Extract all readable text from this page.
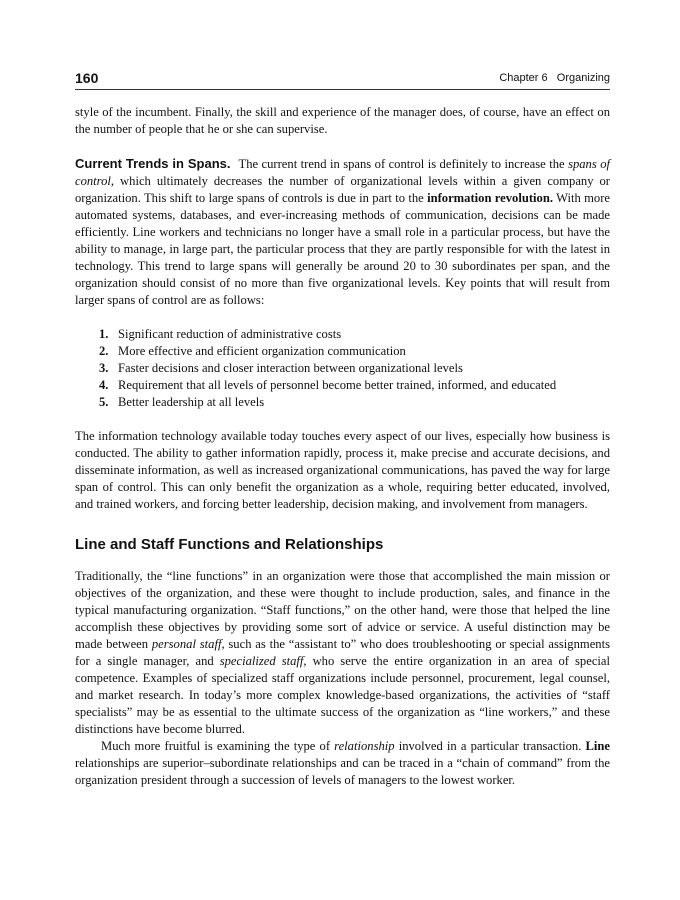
160	Chapter 6   Organizing

style of the incumbent. Finally, the skill and experience of the manager does, of course, have an effect on the number of people that he or she can supervise.

Current Trends in Spans. The current trend in spans of control is definitely to increase the spans of control, which ultimately decreases the number of organizational levels within a given company or organization. This shift to large spans of controls is due in part to the information revolution. With more automated systems, databases, and ever-increasing methods of communication, decisions can be made efficiently. Line workers and technicians no longer have a small role in a particular process, but have the ability to manage, in large part, the particular process that they are partly responsible for with the latest in technology. This trend to large spans will generally be around 20 to 30 subordinates per span, and the organization should consist of no more than five organizational levels. Key points that will result from larger spans of control are as follows:

1. Significant reduction of administrative costs
2. More effective and efficient organization communication
3. Faster decisions and closer interaction between organizational levels
4. Requirement that all levels of personnel become better trained, informed, and educated
5. Better leadership at all levels

The information technology available today touches every aspect of our lives, especially how business is conducted. The ability to gather information rapidly, process it, make precise and accurate decisions, and disseminate information, as well as increased organizational communications, has paved the way for large span of control. This can only benefit the organization as a whole, requiring better educated, involved, and trained workers, and forcing better leadership, decision making, and involvement from managers.

Line and Staff Functions and Relationships

Traditionally, the “line functions” in an organization were those that accomplished the main mission or objectives of the organization, and these were thought to include production, sales, and finance in the typical manufacturing organization. “Staff functions,” on the other hand, were those that helped the line accomplish these objectives by providing some sort of advice or service. A useful distinction may be made between personal staff, such as the “assistant to” who does troubleshooting or special assignments for a single manager, and specialized staff, who serve the entire organization in an area of special competence. Examples of specialized staff organizations include personnel, procurement, legal counsel, and market research. In today’s more complex knowledge-based organizations, the activities of “staff specialists” may be as essential to the ultimate success of the organization as “line workers,” and these distinctions have become blurred.

Much more fruitful is examining the type of relationship involved in a particular transaction. Line relationships are superior–subordinate relationships and can be traced in a “chain of command” from the organization president through a succession of levels of managers to the lowest worker.
